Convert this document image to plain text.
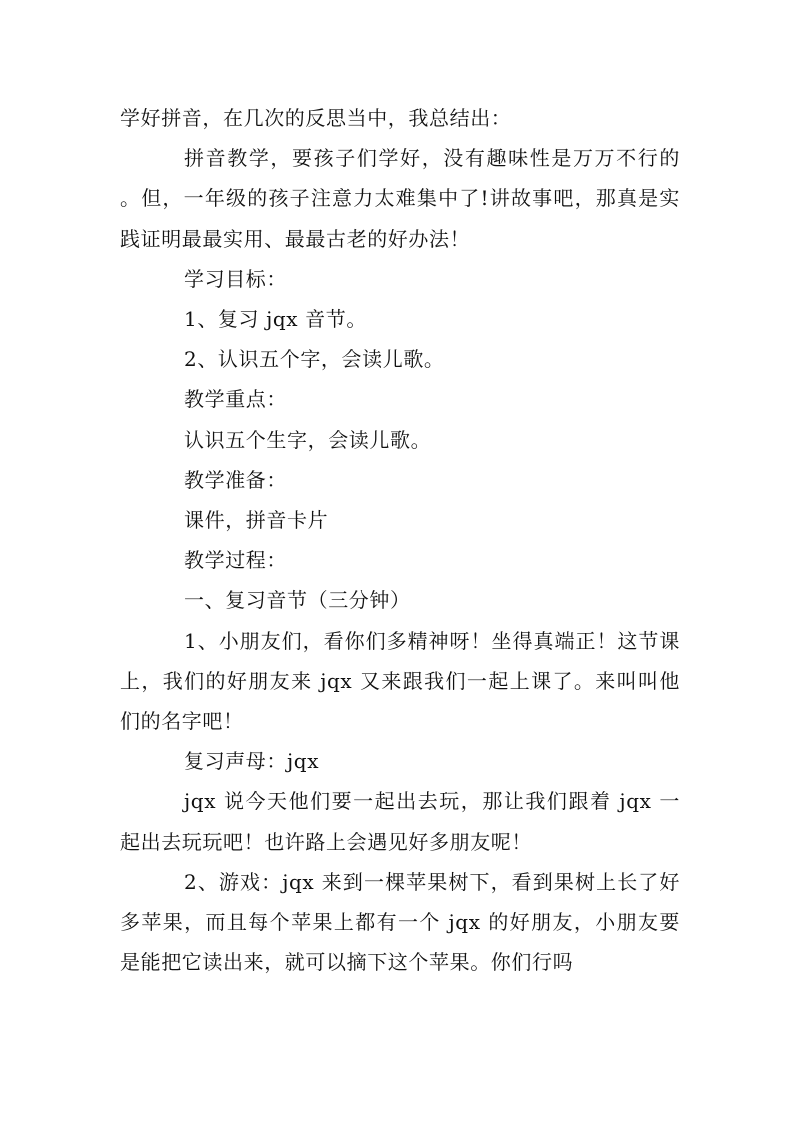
学好拼音，在几次的反思当中，我总结出：

拼音教学，要孩子们学好，没有趣味性是万万不行的 。但，一年级的孩子注意力太难集中了!讲故事吧，那真是实践证明最最实用、最最古老的好办法！

学习目标：

1、复习 jqx 音节。

2、认识五个字，会读儿歌。

教学重点：

认识五个生字，会读儿歌。

教学准备：

课件，拼音卡片

教学过程：

一、复习音节（三分钟）

1、小朋友们，看你们多精神呀！坐得真端正！这节课上，我们的好朋友来 jqx 又来跟我们一起上课了。来叫叫他们的名字吧！

复习声母：jqx

jqx 说今天他们要一起出去玩，那让我们跟着 jqx 一起出去玩玩吧！也许路上会遇见好多朋友呢！

2、游戏：jqx 来到一棵苹果树下，看到果树上长了好多苹果，而且每个苹果上都有一个 jqx 的好朋友，小朋友要是能把它读出来，就可以摘下这个苹果。你们行吗
